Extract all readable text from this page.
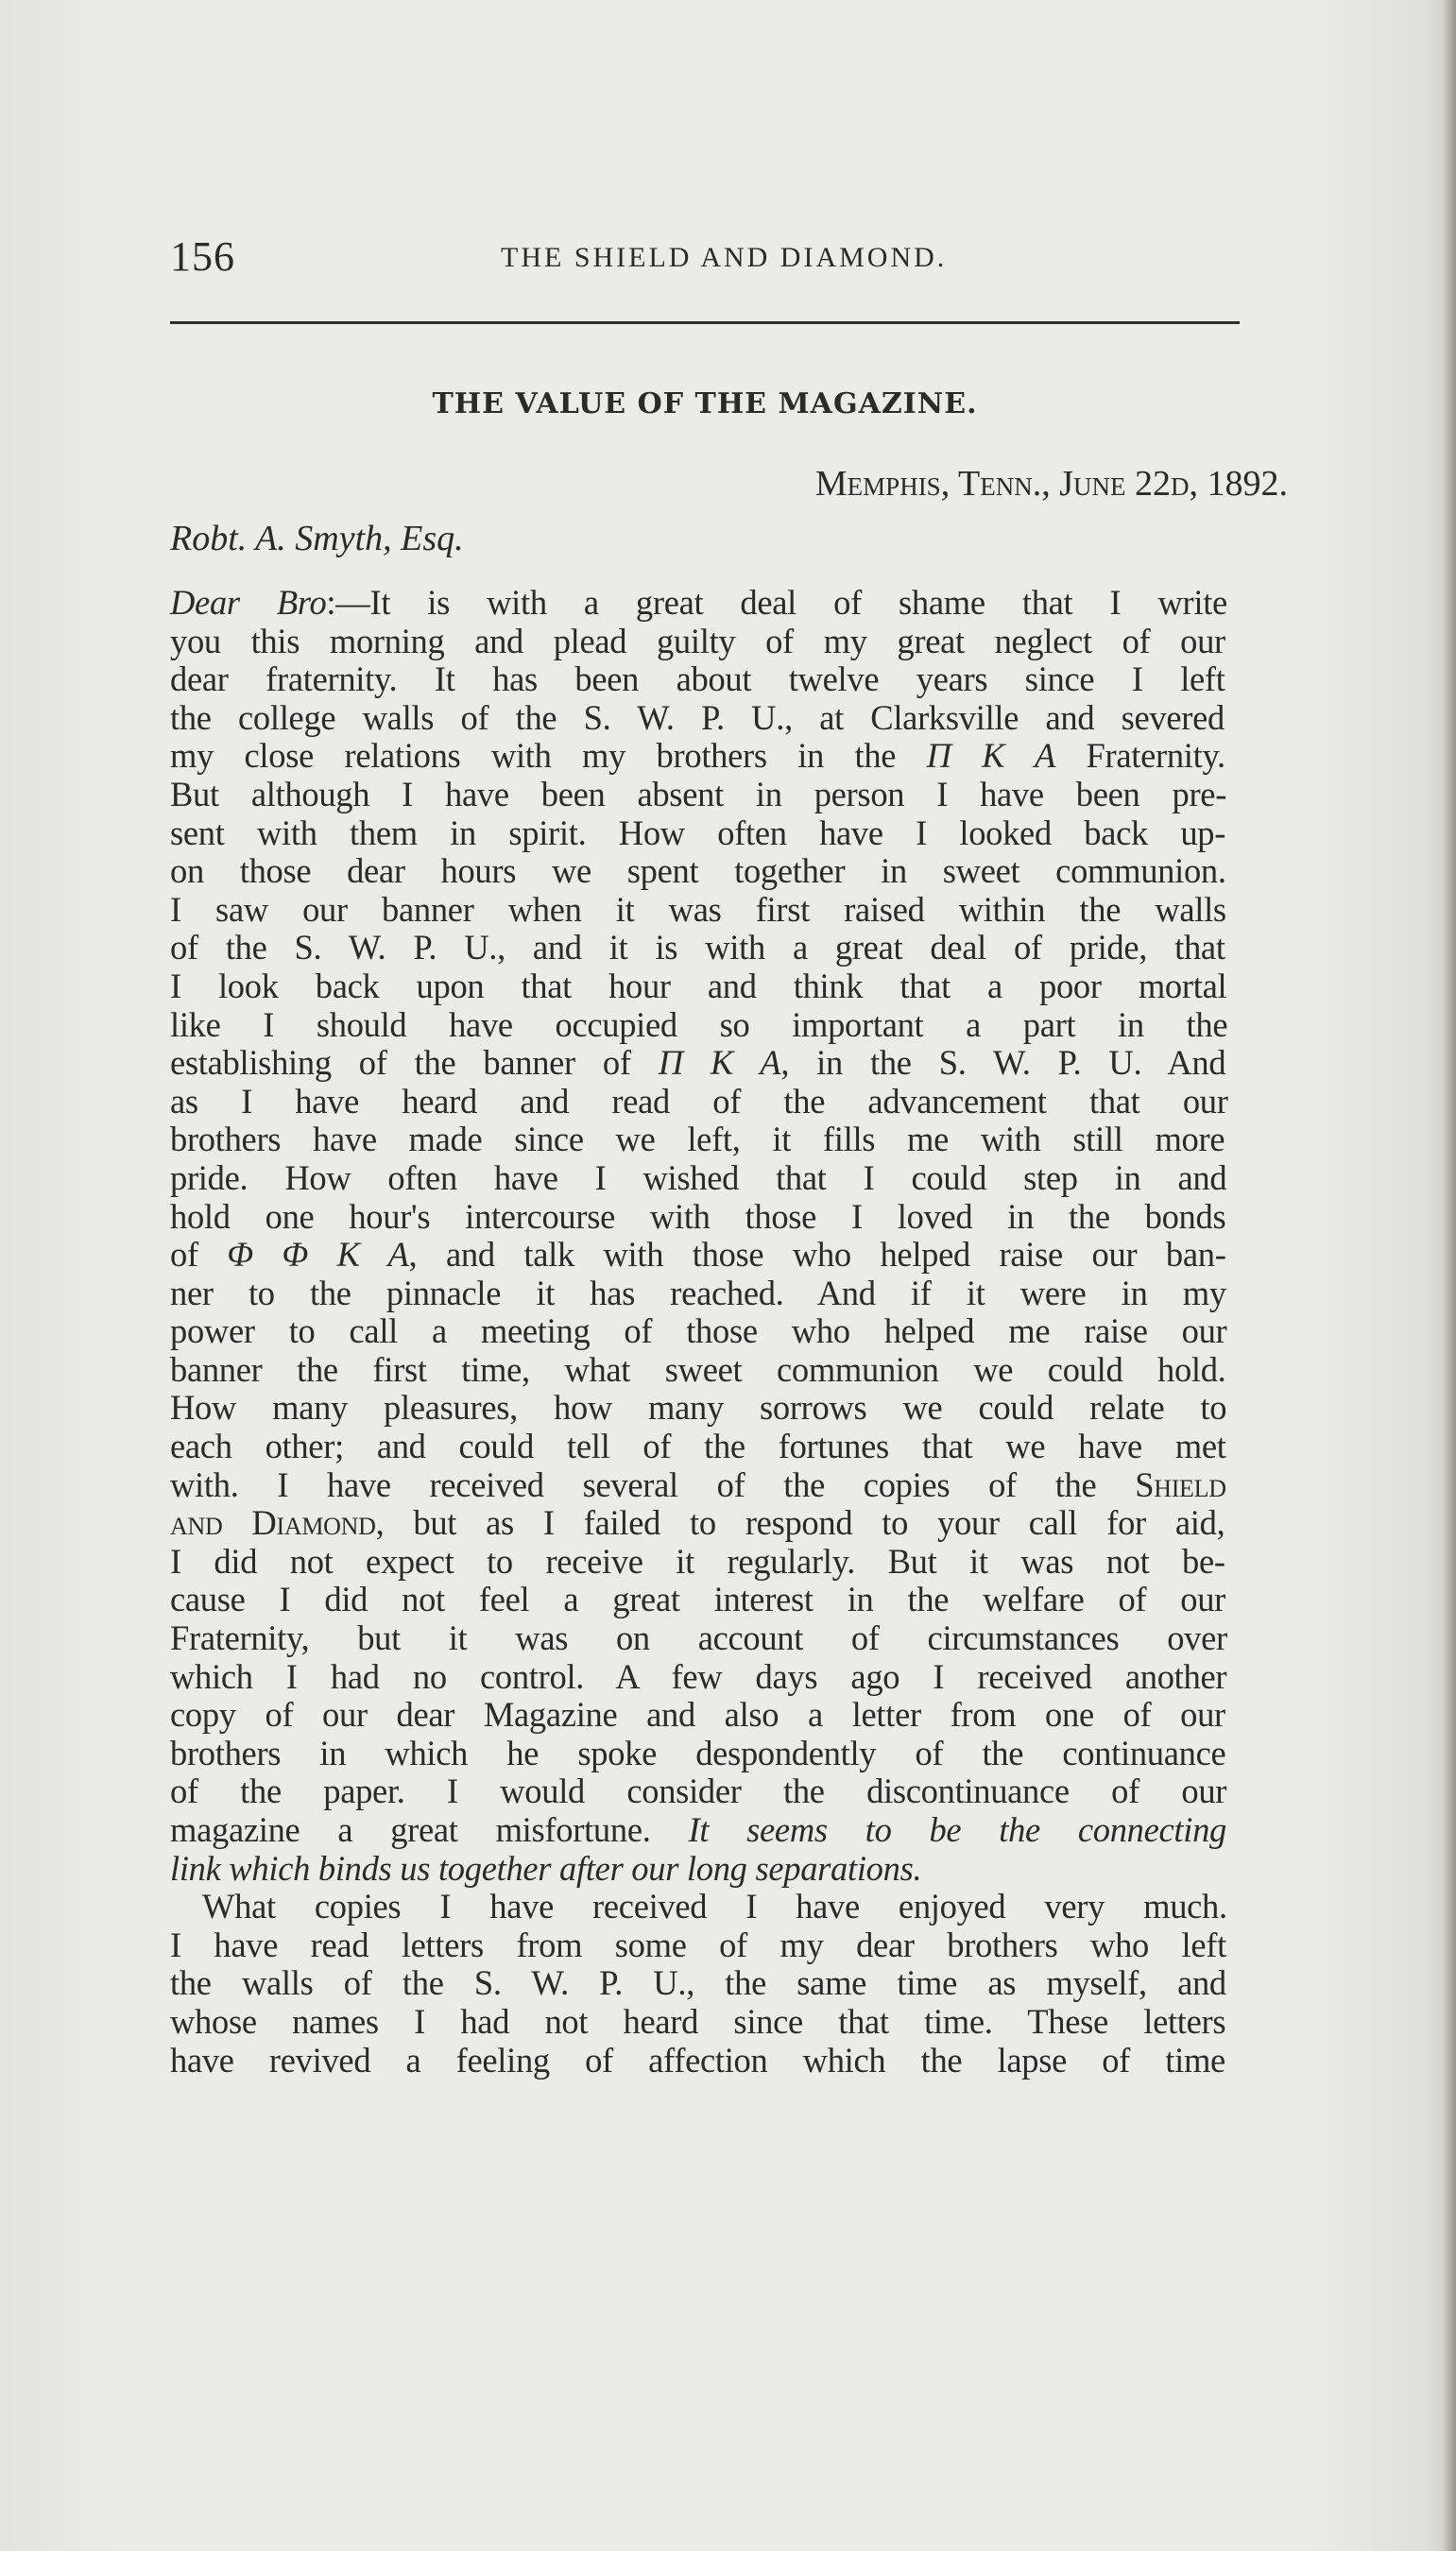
156	THE SHIELD AND DIAMOND.
THE VALUE OF THE MAGAZINE.
Memphis, Tenn., June 22d, 1892.
Robt. A. Smyth, Esq.
Dear Bro:—It is with a great deal of shame that I write
you this morning and plead guilty of my great neglect of our
dear fraternity. It has been about twelve years since I left
the college walls of the S. W. P. U., at Clarksville and severed
my close relations with my brothers in the Π Κ Α Fraternity.
But although I have been absent in person I have been pre-
sent with them in spirit. How often have I looked back up-
on those dear hours we spent together in sweet communion.
I saw our banner when it was first raised within the walls
of the S. W. P. U., and it is with a great deal of pride, that
I look back upon that hour and think that a poor mortal
like I should have occupied so important a part in the
establishing of the banner of Π Κ Α, in the S. W. P. U. And
as I have heard and read of the advancement that our
brothers have made since we left, it fills me with still more
pride. How often have I wished that I could step in and
hold one hour's intercourse with those I loved in the bonds
of Φ Φ Κ Α, and talk with those who helped raise our ban-
ner to the pinnacle it has reached. And if it were in my
power to call a meeting of those who helped me raise our
banner the first time, what sweet communion we could hold.
How many pleasures, how many sorrows we could relate to
each other; and could tell of the fortunes that we have met
with. I have received several of the copies of the Shield
and Diamond, but as I failed to respond to your call for aid,
I did not expect to receive it regularly. But it was not be-
cause I did not feel a great interest in the welfare of our
Fraternity, but it was on account of circumstances over
which I had no control. A few days ago I received another
copy of our dear Magazine and also a letter from one of our
brothers in which he spoke despondently of the continuance
of the paper. I would consider the discontinuance of our
magazine a great misfortune. It seems to be the connecting
link which binds us together after our long separations.
What copies I have received I have enjoyed very much.
I have read letters from some of my dear brothers who left
the walls of the S. W. P. U., the same time as myself, and
whose names I had not heard since that time. These letters
have revived a feeling of affection which the lapse of time
